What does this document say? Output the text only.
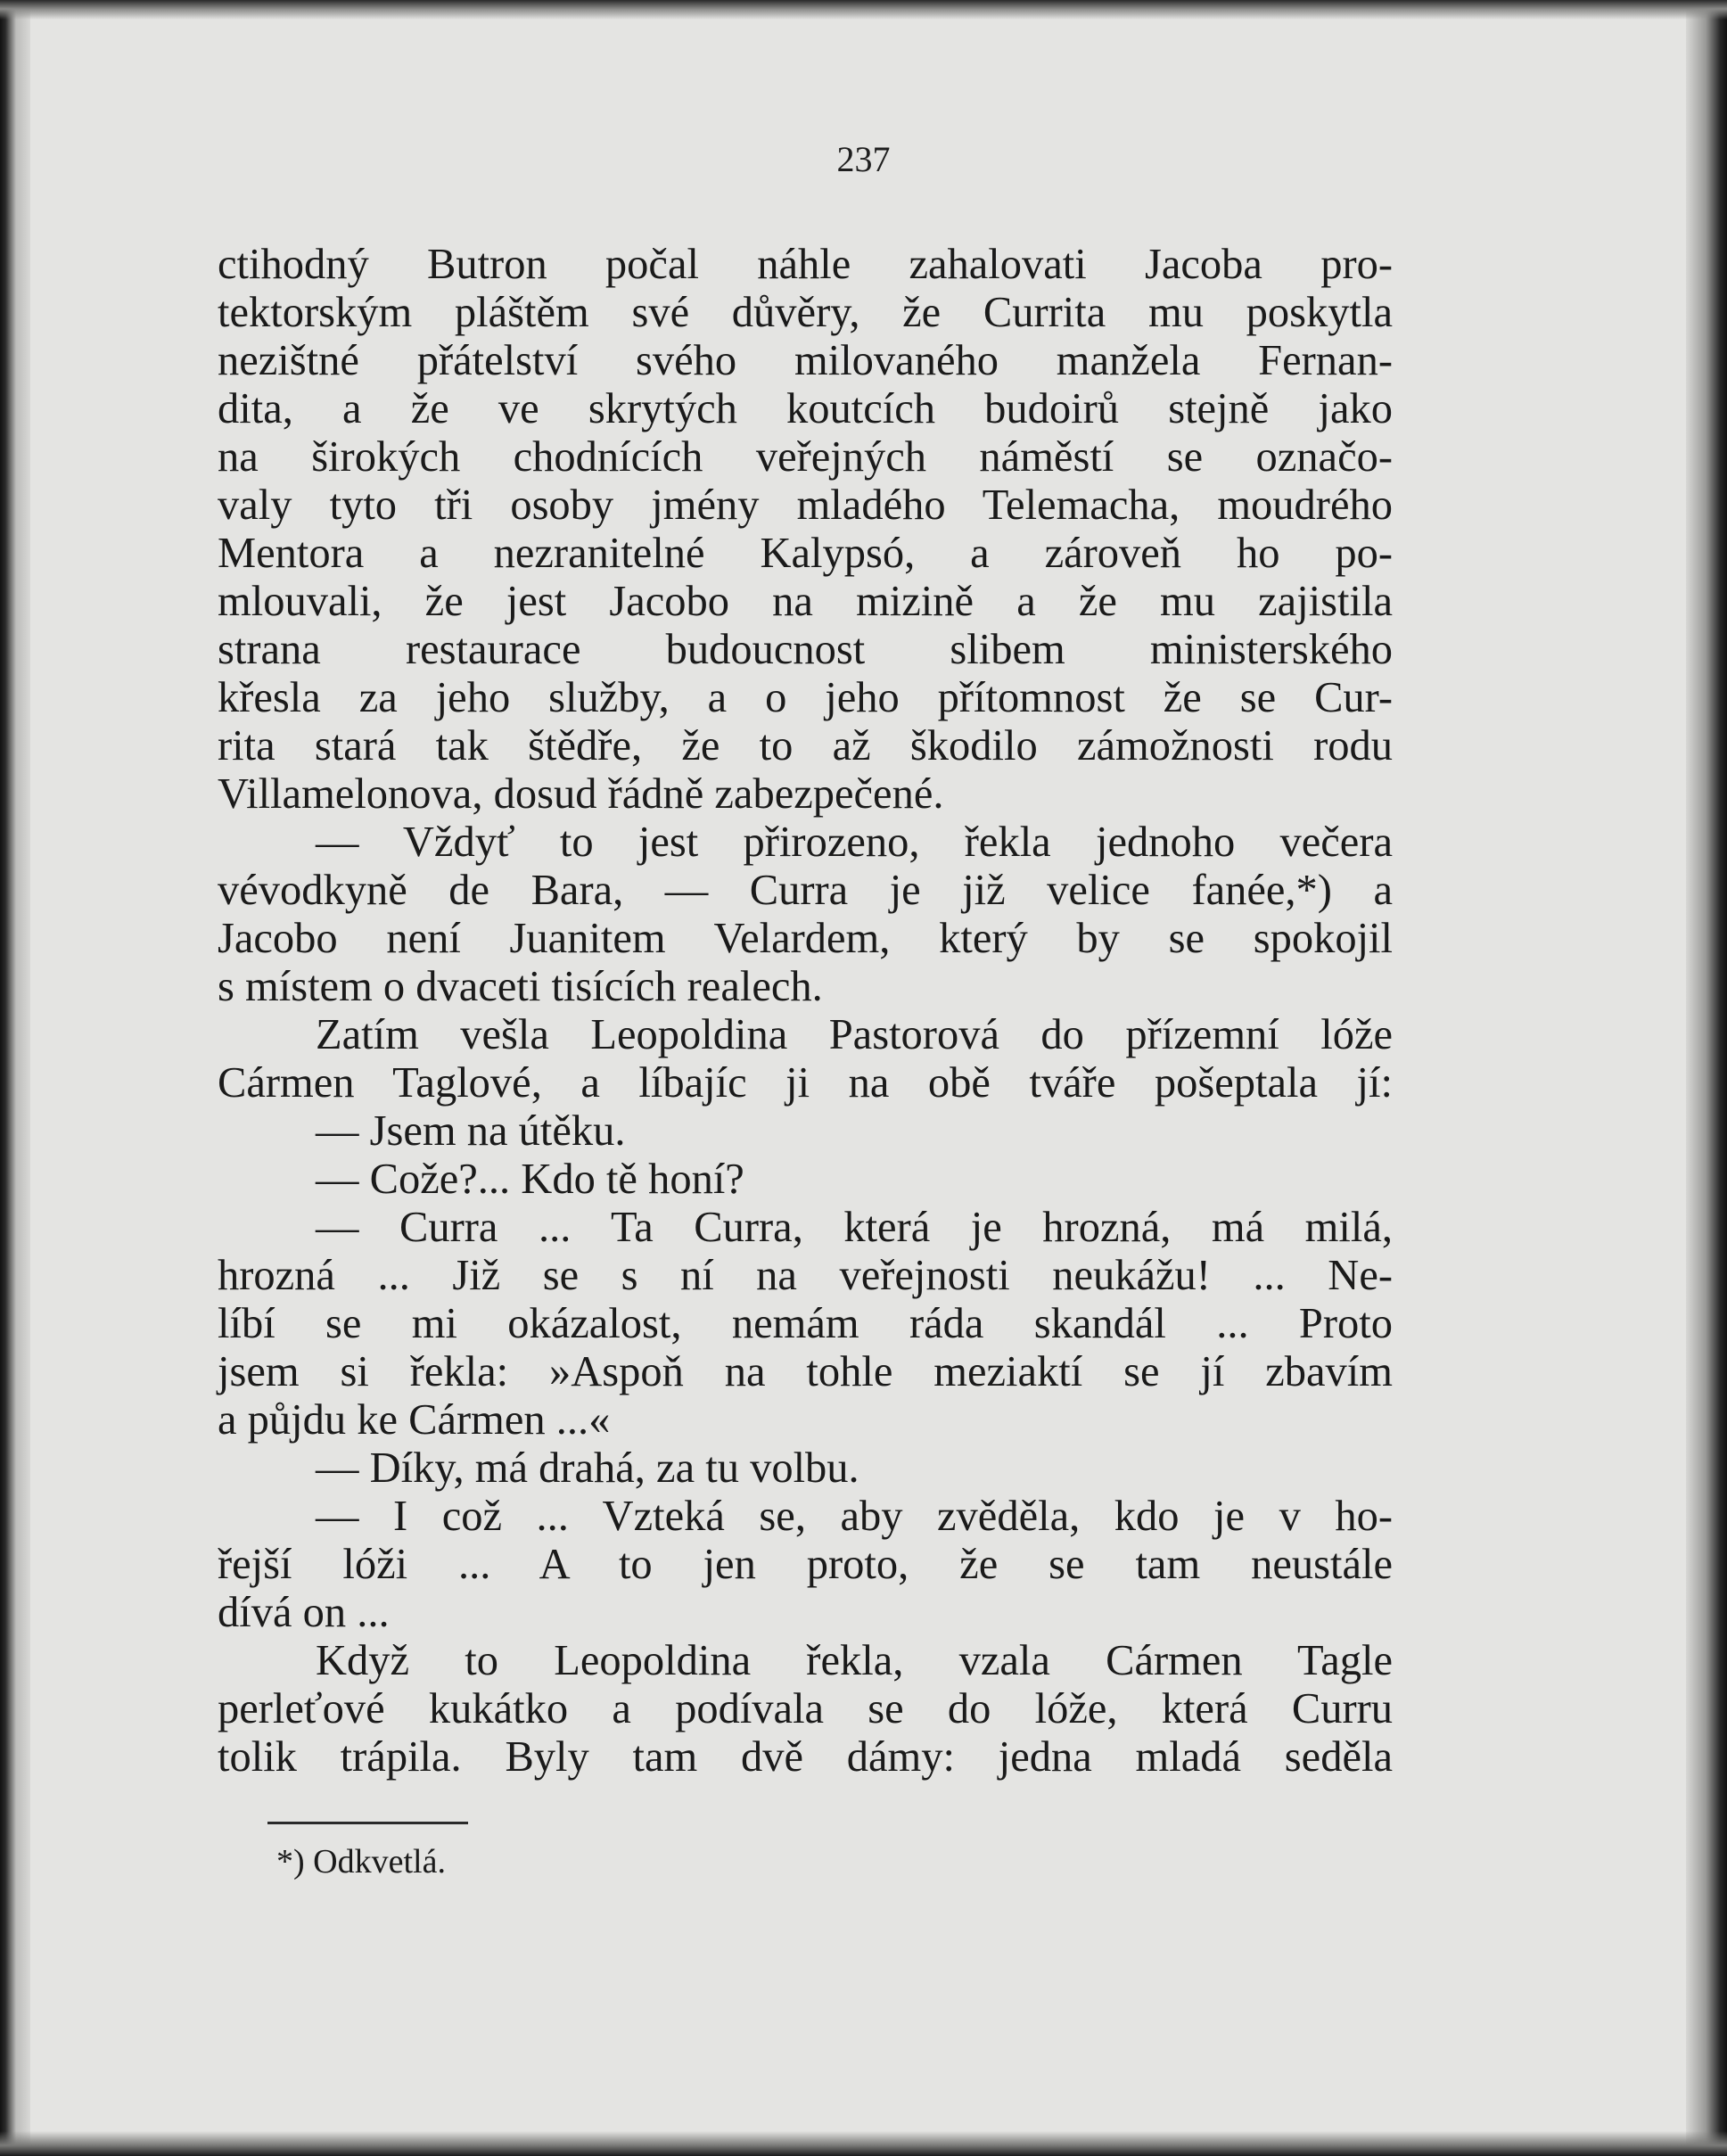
237
ctihodný Butron počal náhle zahalovati Jacoba pro-
tektorským pláštěm své důvěry, že Currita mu poskytla
nezištné přátelství svého milovaného manžela Fernan-
dita, a že ve skrytých koutcích budoirů stejně jako
na širokých chodnících veřejných náměstí se označo-
valy tyto tři osoby jmény mladého Telemacha, moudrého
Mentora a nezranitelné Kalypsó, a zároveň ho po-
mlouvali, že jest Jacobo na mizině a že mu zajistila
strana restaurace budoucnost slibem ministerského
křesla za jeho služby, a o jeho přítomnost že se Cur-
rita stará tak štědře, že to až škodilo zámožnosti rodu
Villamelonova, dosud řádně zabezpečené.
— Vždyť to jest přirozeno, řekla jednoho večera
vévodkyně de Bara, — Curra je již velice fanée,*) a
Jacobo není Juanitem Velardem, který by se spokojil
s místem o dvaceti tisících realech.
Zatím vešla Leopoldina Pastorová do přízemní lóže
Cármen Taglové, a líbajíc ji na obě tváře pošeptala jí:
— Jsem na útěku.
— Cože?... Kdo tě honí?
— Curra ... Ta Curra, která je hrozná, má milá,
hrozná ... Již se s ní na veřejnosti neukážu! ... Ne-
líbí se mi okázalost, nemám ráda skandál ... Proto
jsem si řekla: »Aspoň na tohle meziaktí se jí zbavím
a půjdu ke Cármen ...«
— Díky, má drahá, za tu volbu.
— I což ... Vzteká se, aby zvěděla, kdo je v ho-
řejší lóži ... A to jen proto, že se tam neustále
dívá on ...
Když to Leopoldina řekla, vzala Cármen Tagle
perleťové kukátko a podívala se do lóže, která Curru
tolik trápila. Byly tam dvě dámy: jedna mladá seděla
*) Odkvetlá.
